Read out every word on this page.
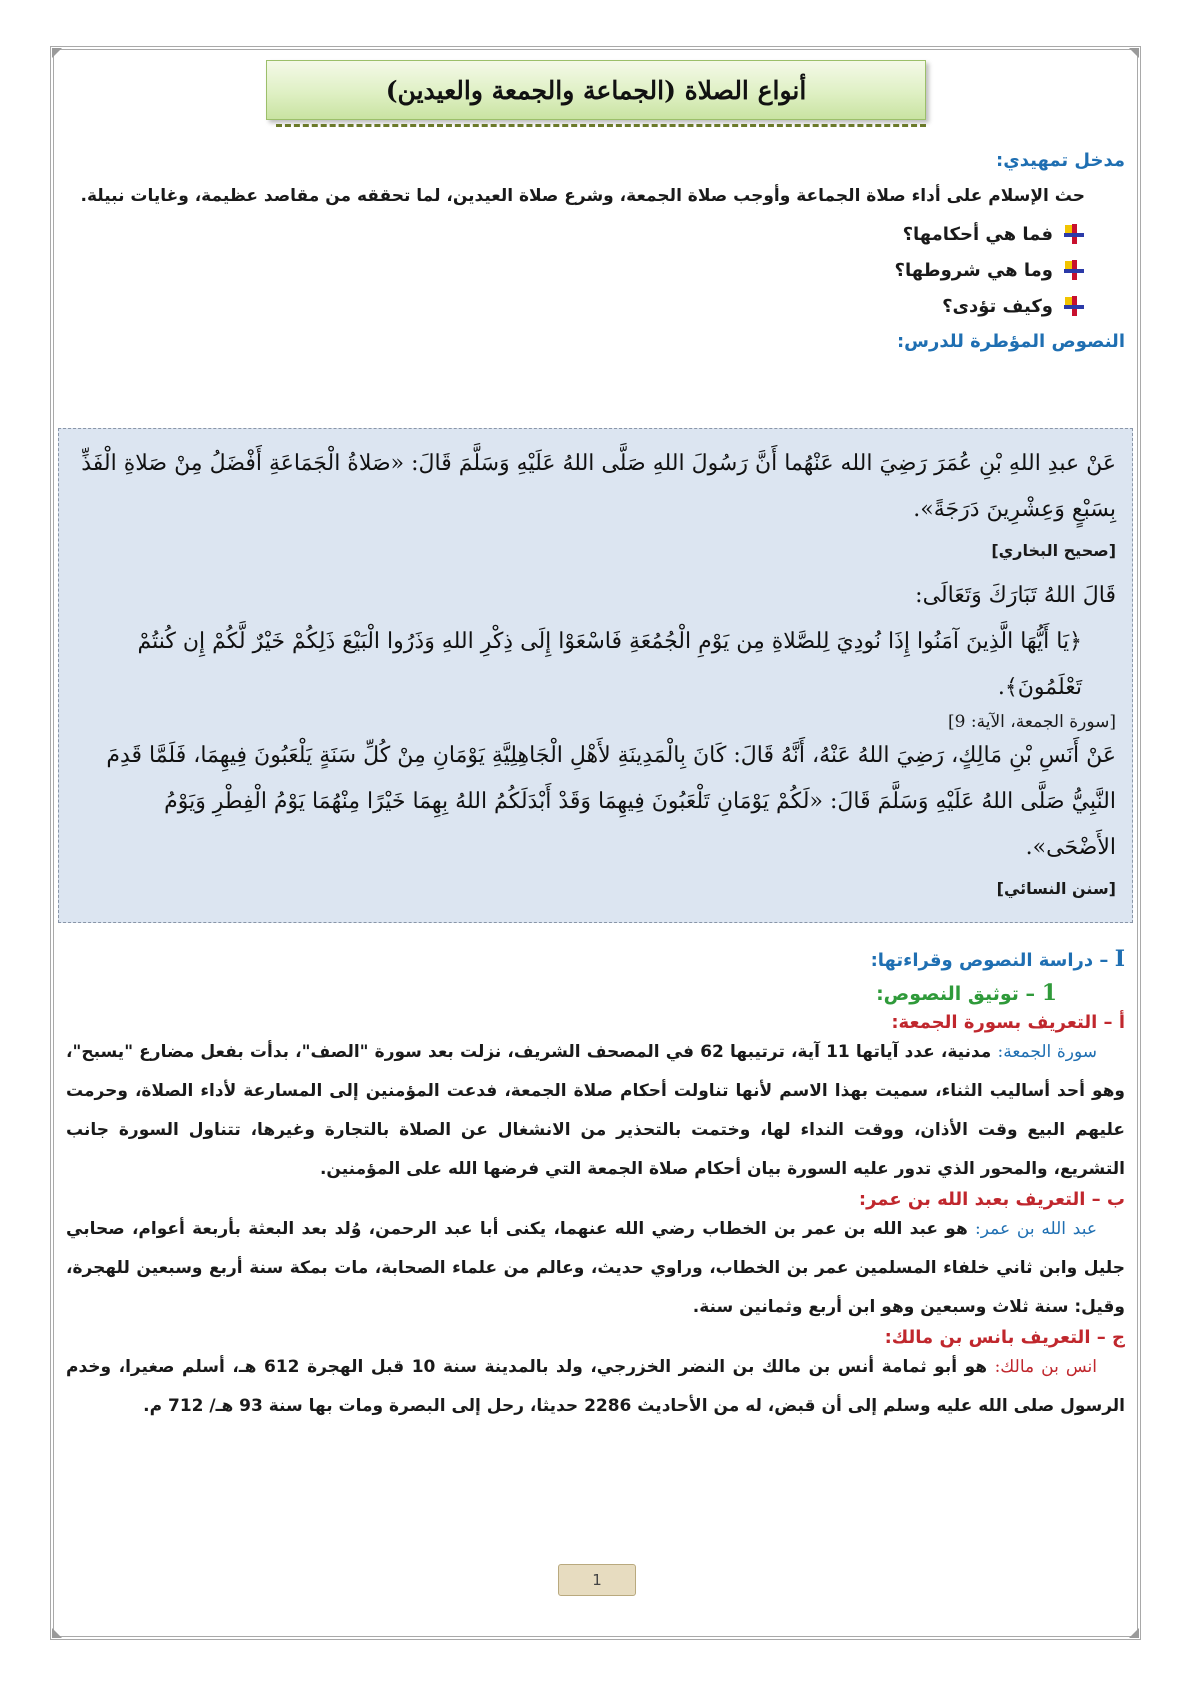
أنواع الصلاة (الجماعة والجمعة والعيدين)
مدخل تمهيدي:
حث الإسلام على أداء صلاة الجماعة وأوجب صلاة الجمعة، وشرع صلاة العيدين، لما تحققه من مقاصد عظيمة، وغايات نبيلة.
فما هي أحكامها؟
وما هي شروطها؟
وكيف تؤدى؟
النصوص المؤطرة للدرس:
عَنْ عبدِ اللهِ بْنِ عُمَرَ رَضِيَ الله عَنْهُما أَنَّ رَسُولَ اللهِ صَلَّى اللهُ عَلَيْهِ وَسَلَّمَ قَالَ: «صَلاةُ الْجَمَاعَةِ أَفْضَلُ مِنْ صَلاةِ الْفَذِّ بِسَبْعٍ وَعِشْرِينَ دَرَجَةً».
[صحيح البخاري]
قَالَ اللهُ تَبَارَكَ وَتَعَالَى:
﴿يَا أَيُّهَا الَّذِينَ آمَنُوا إِذَا نُودِيَ لِلصَّلاةِ مِن يَوْمِ الْجُمُعَةِ فَاسْعَوْا إِلَى ذِكْرِ اللهِ وَذَرُوا الْبَيْعَ ذَلِكُمْ خَيْرٌ لَّكُمْ إِن كُنتُمْ تَعْلَمُونَ﴾.
[سورة الجمعة، الآية: 9]
عَنْ أَنَسِ بْنِ مَالِكٍ، رَضِيَ اللهُ عَنْهُ، أَنَّهُ قَالَ: كَانَ بِالْمَدِينَةِ لأَهْلِ الْجَاهِلِيَّةِ يَوْمَانِ مِنْ كُلِّ سَنَةٍ يَلْعَبُونَ فِيهِمَا، فَلَمَّا قَدِمَ النَّبِيُّ صَلَّى اللهُ عَلَيْهِ وَسَلَّمَ قَالَ: «لَكُمْ يَوْمَانِ تَلْعَبُونَ فِيهِمَا وَقَدْ أَبْدَلَكُمُ اللهُ بِهِمَا خَيْرًا مِنْهُمَا يَوْمُ الْفِطْرِ وَيَوْمُ الأَضْحَى».
[سنن النسائي]
I – دراسة النصوص وقراءتها:
1 – توثيق النصوص:
أ – التعريف بسورة الجمعة:
سورة الجمعة: مدنية، عدد آياتها 11 آية، ترتيبها 62 في المصحف الشريف، نزلت بعد سورة "الصف"، بدأت بفعل مضارع "يسبح"، وهو أحد أساليب الثناء، سميت بهذا الاسم لأنها تناولت أحكام صلاة الجمعة، فدعت المؤمنين إلى المسارعة لأداء الصلاة، وحرمت عليهم البيع وقت الأذان، ووقت النداء لها، وختمت بالتحذير من الانشغال عن الصلاة بالتجارة وغيرها، تتناول السورة جانب التشريع، والمحور الذي تدور عليه السورة بيان أحكام صلاة الجمعة التي فرضها الله على المؤمنين.
ب – التعريف بعبد الله بن عمر:
عبد الله بن عمر: هو عبد الله بن عمر بن الخطاب رضي الله عنهما، يكنى أبا عبد الرحمن، وُلد بعد البعثة بأربعة أعوام، صحابي جليل وابن ثاني خلفاء المسلمين عمر بن الخطاب، وراوي حديث، وعالم من علماء الصحابة، مات بمكة سنة أربع وسبعين للهجرة، وقيل: سنة ثلاث وسبعين وهو ابن أربع وثمانين سنة.
ج – التعريف بانس بن مالك:
انس بن مالك: هو أبو ثمامة أنس بن مالك بن النضر الخزرجي، ولد بالمدينة سنة 10 قبل الهجرة 612 هـ، أسلم صغيرا، وخدم الرسول صلى الله عليه وسلم إلى أن قبض، له من الأحاديث 2286 حديثا، رحل إلى البصرة ومات بها سنة 93 هـ/ 712 م.
1
